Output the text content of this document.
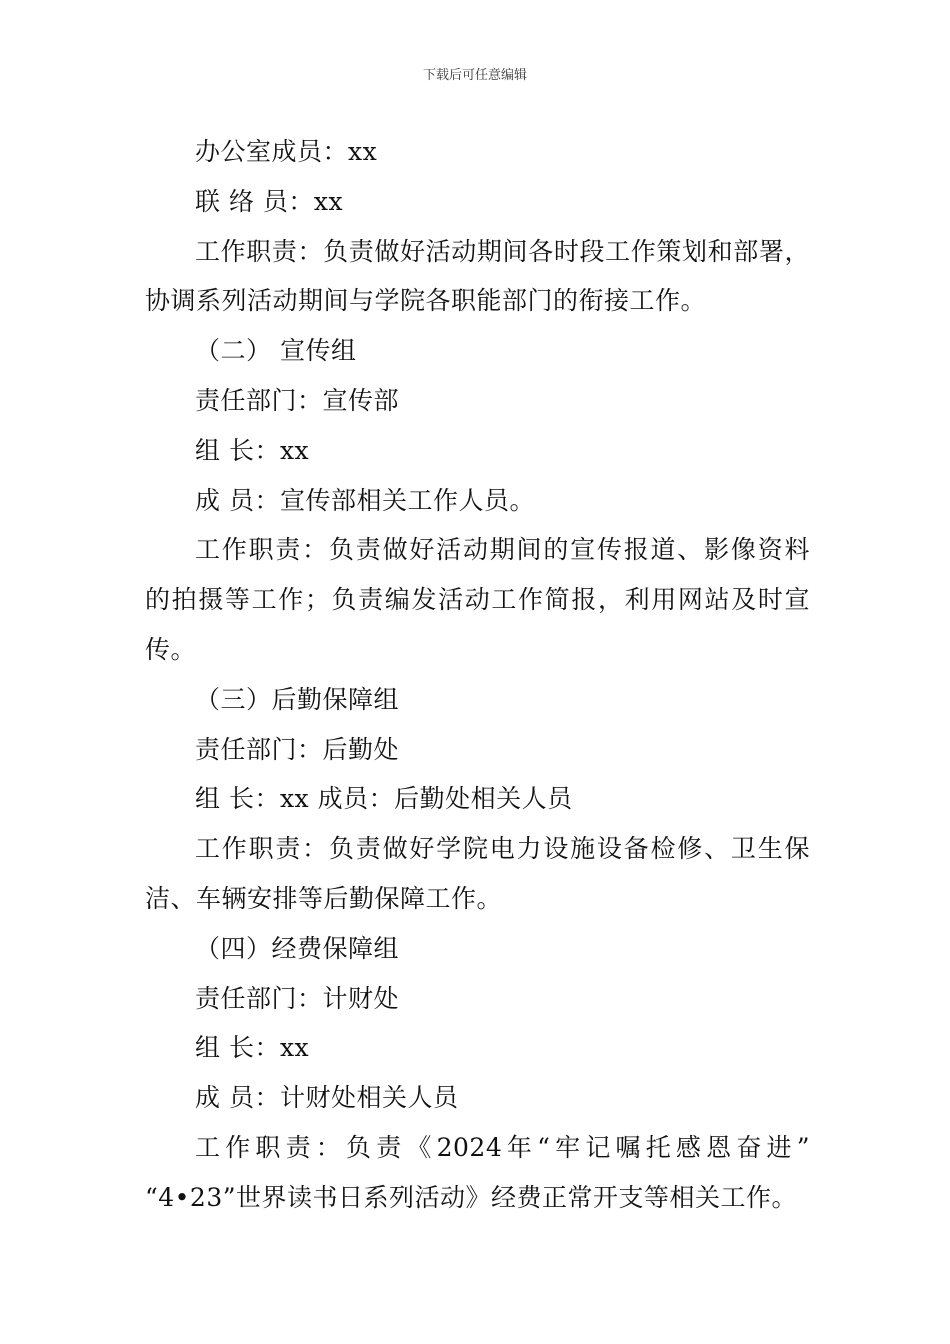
下载后可任意编辑
办公室成员：xx
联 络 员：xx
工作职责：负责做好活动期间各时段工作策划和部署，
协调系列活动期间与学院各职能部门的衔接工作。
（二） 宣传组
责任部门：宣传部
组 长：xx
成 员：宣传部相关工作人员。
工作职责：负责做好活动期间的宣传报道、影像资料
的拍摄等工作；负责编发活动工作简报，利用网站及时宣
传。
（三）后勤保障组
责任部门：后勤处
组 长：xx 成员：后勤处相关人员
工作职责：负责做好学院电力设施设备检修、卫生保
洁、车辆安排等后勤保障工作。
（四）经费保障组
责任部门：计财处
组 长：xx
成 员：计财处相关人员
工作职责：负责《2024年“牢记嘱托感恩奋进”
“4•23”世界读书日系列活动》经费正常开支等相关工作。
